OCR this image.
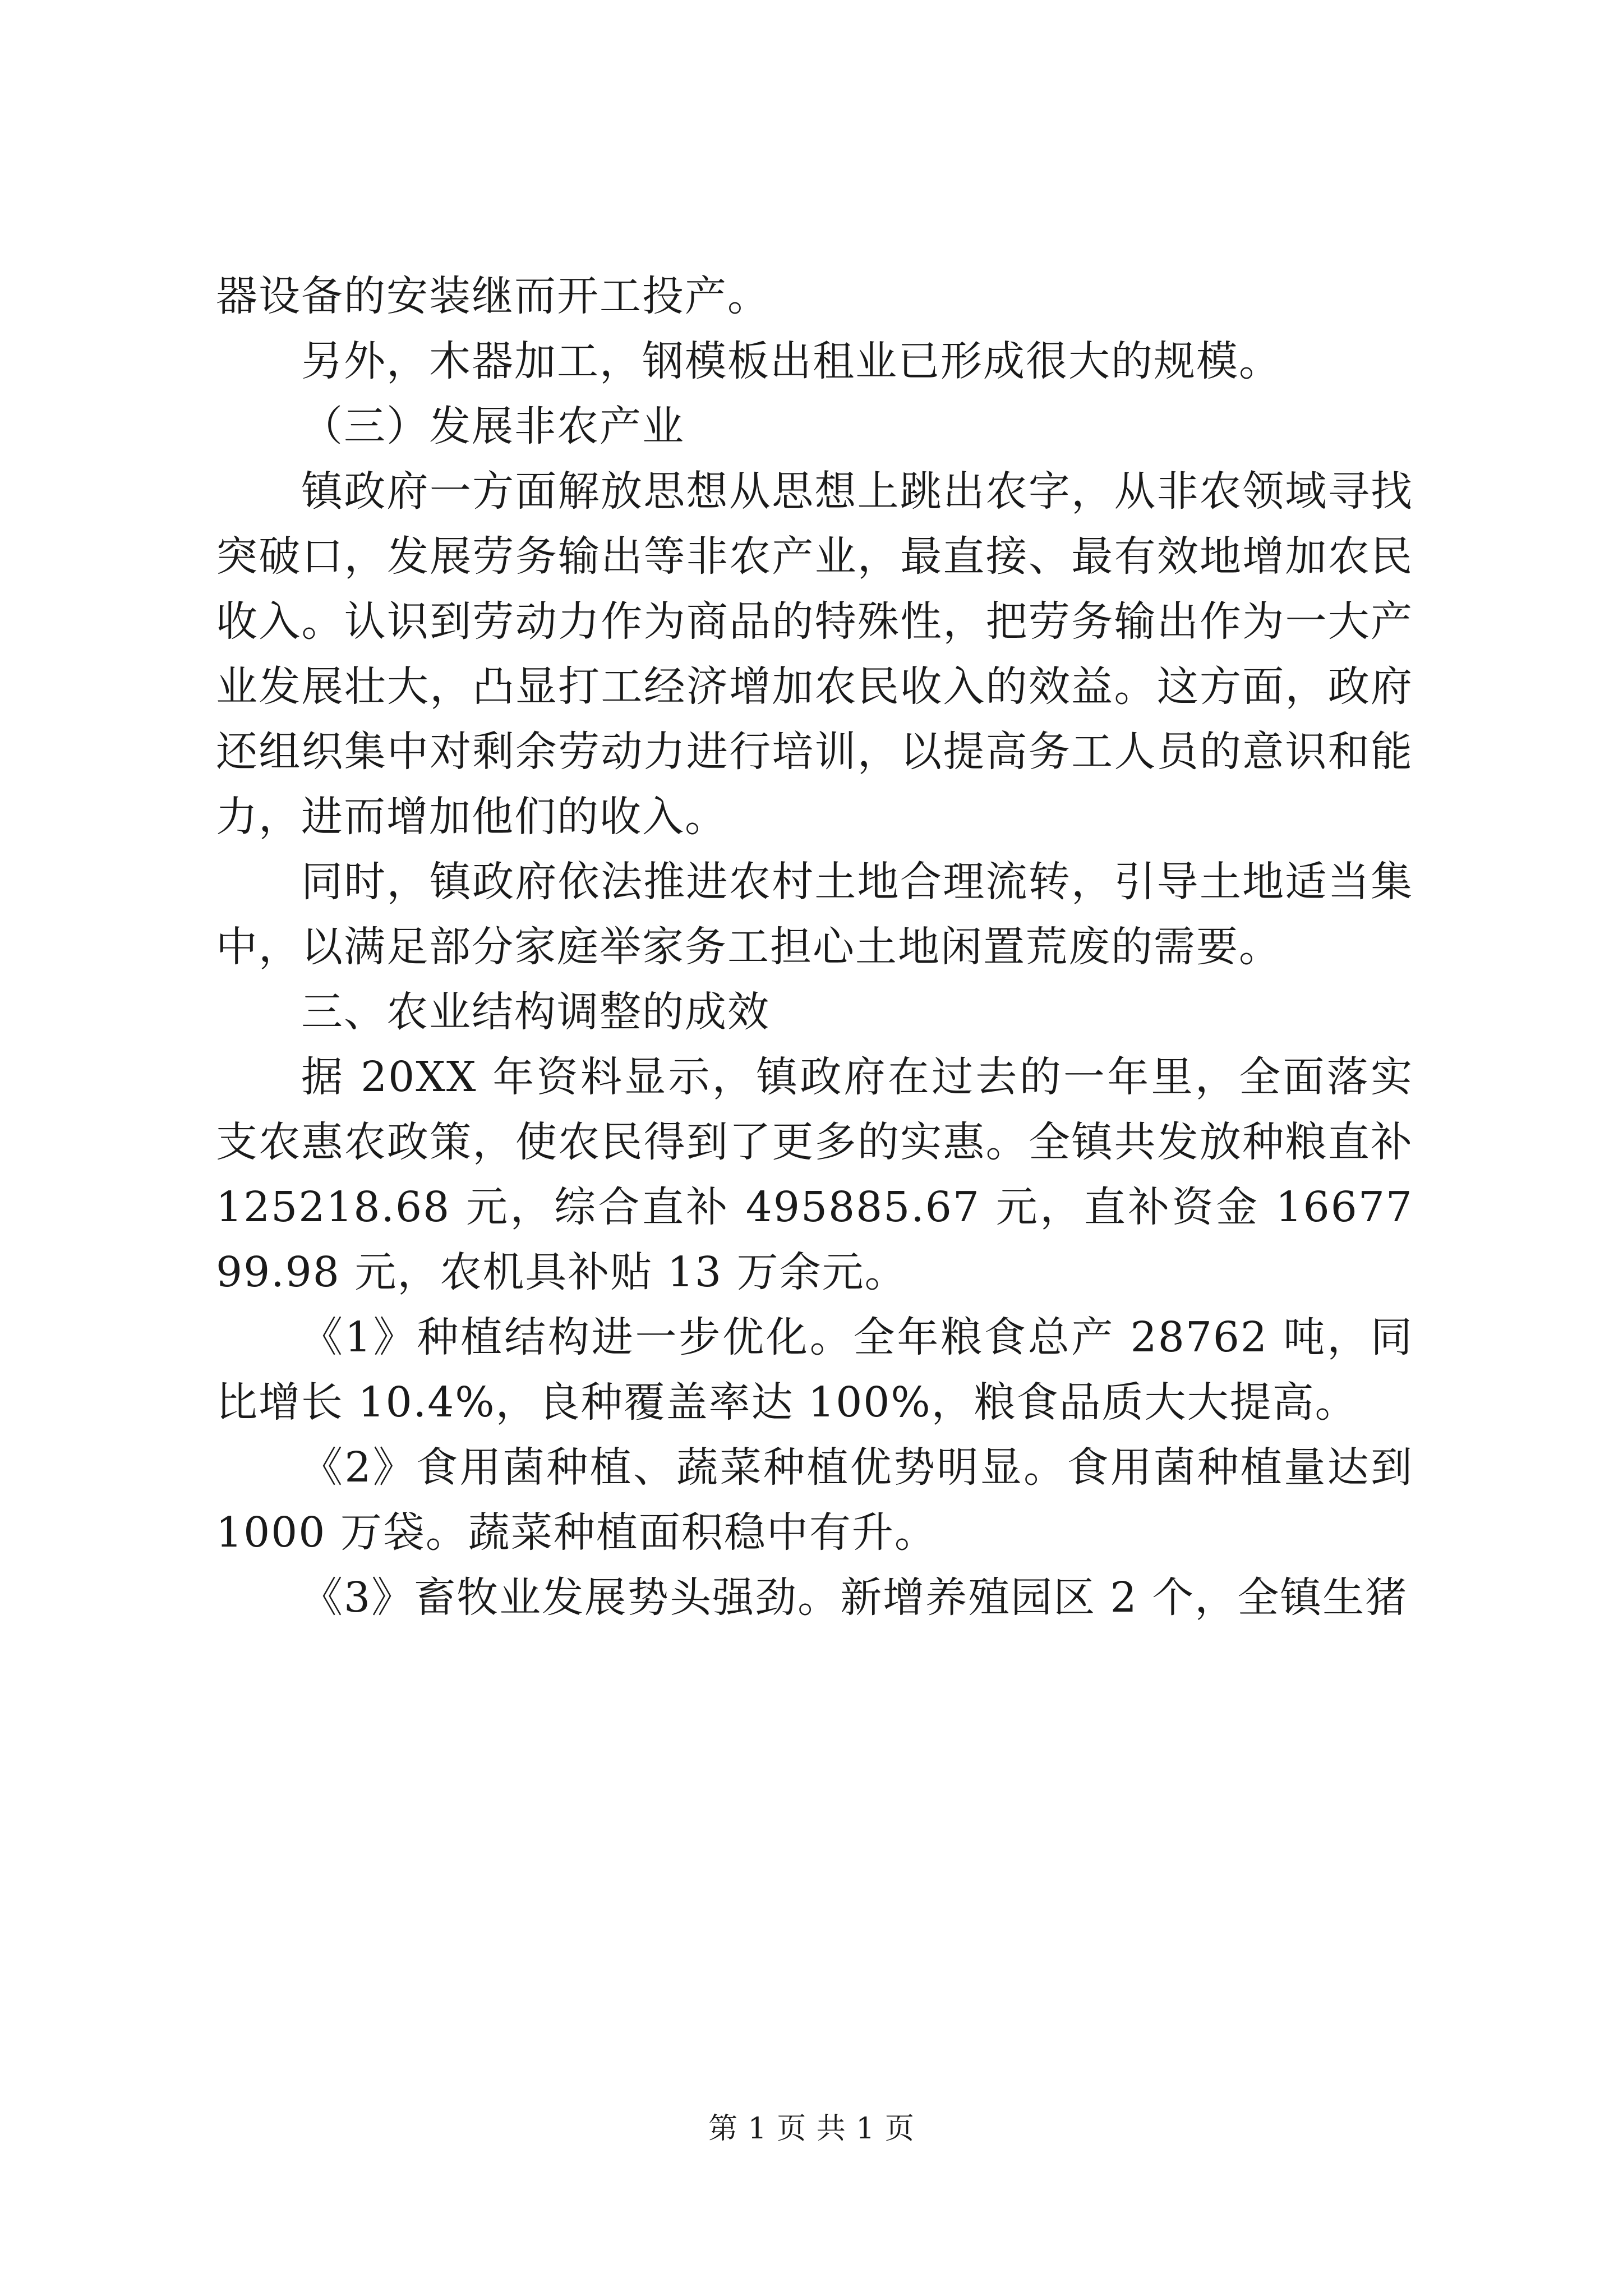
器设备的安装继而开工投产。

另外，木器加工，钢模板出租业已形成很大的规模。

（三）发展非农产业

镇政府一方面解放思想从思想上跳出农字，从非农领域寻找突破口，发展劳务输出等非农产业，最直接、最有效地增加农民收入。认识到劳动力作为商品的特殊性，把劳务输出作为一大产业发展壮大，凸显打工经济增加农民收入的效益。这方面，政府还组织集中对剩余劳动力进行培训，以提高务工人员的意识和能力，进而增加他们的收入。

同时，镇政府依法推进农村土地合理流转，引导土地适当集中，以满足部分家庭举家务工担心土地闲置荒废的需要。

三、农业结构调整的成效

据 20XX 年资料显示，镇政府在过去的一年里，全面落实支农惠农政策，使农民得到了更多的实惠。全镇共发放种粮直补 125218.68 元，综合直补 495885.67 元，直补资金 1667799.98 元，农机具补贴 13 万余元。

《1》种植结构进一步优化。全年粮食总产 28762 吨，同比增长 10.4%，良种覆盖率达 100%，粮食品质大大提高。

《2》食用菌种植、蔬菜种植优势明显。食用菌种植量达到 1000 万袋。蔬菜种植面积稳中有升。

《3》畜牧业发展势头强劲。新增养殖园区 2 个，全镇生猪

第 1 页 共 1 页
